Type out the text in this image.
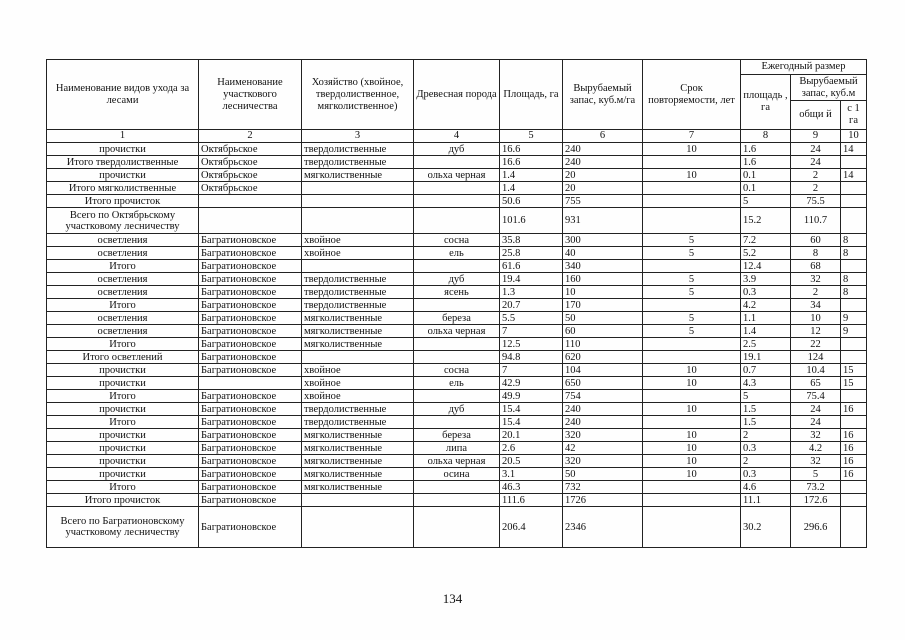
Наименование видов ухода за лесами	Наименование участкового лесничества	Хозяйство (хвойное, твердолиственное, мягколиственное)	Древесная порода	Площадь, га	Вырубаемый запас, куб.м/га	Срок повторяемости, лет	Ежегодный размер		
							площадь , га	Вырубаемый запас, куб.м	
								общи й	с 1 га
1	2	3	4	5	6	7	8	9	10
прочистки	Октябрьское	твердолиственные	дуб	16.6	240	10	1.6	24	14
Итого твердолиственные	Октябрьское	твердолиственные		16.6	240		1.6	24	
прочистки	Октябрьское	мягколиственные	ольха черная	1.4	20	10	0.1	2	14
Итого мягколиственные	Октябрьское			1.4	20		0.1	2	
Итого прочисток				50.6	755		5	75.5	
Всего по Октябрьскому участковому лесничеству				101.6	931		15.2	110.7	
осветления	Багратионовское	хвойное	сосна	35.8	300	5	7.2	60	8
осветления	Багратионовское	хвойное	ель	25.8	40	5	5.2	8	8
Итого	Багратионовское			61.6	340		12.4	68	
осветления	Багратионовское	твердолиственные	дуб	19.4	160	5	3.9	32	8
осветления	Багратионовское	твердолиственные	ясень	1.3	10	5	0.3	2	8
Итого	Багратионовское	твердолиственные		20.7	170		4.2	34	
осветления	Багратионовское	мягколиственные	береза	5.5	50	5	1.1	10	9
осветления	Багратионовское	мягколиственные	ольха черная	7	60	5	1.4	12	9
Итого	Багратионовское	мягколиственные		12.5	110		2.5	22	
Итого осветлений	Багратионовское			94.8	620		19.1	124	
прочистки	Багратионовское	хвойное	сосна	7	104	10	0.7	10.4	15
прочистки		хвойное	ель	42.9	650	10	4.3	65	15
Итого	Багратионовское	хвойное		49.9	754		5	75.4	
прочистки	Багратионовское	твердолиственные	дуб	15.4	240	10	1.5	24	16
Итого	Багратионовское	твердолиственные		15.4	240		1.5	24	
прочистки	Багратионовское	мягколиственные	береза	20.1	320	10	2	32	16
прочистки	Багратионовское	мягколиственные	липа	2.6	42	10	0.3	4.2	16
прочистки	Багратионовское	мягколиственные	ольха черная	20.5	320	10	2	32	16
прочистки	Багратионовское	мягколиственные	осина	3.1	50	10	0.3	5	16
Итого	Багратионовское	мягколиственные		46.3	732		4.6	73.2	
Итого прочисток	Багратионовское			111.6	1726		11.1	172.6	
Всего по Багратионовскому участковому лесничеству	Багратионовское			206.4	2346		30.2	296.6	
134
